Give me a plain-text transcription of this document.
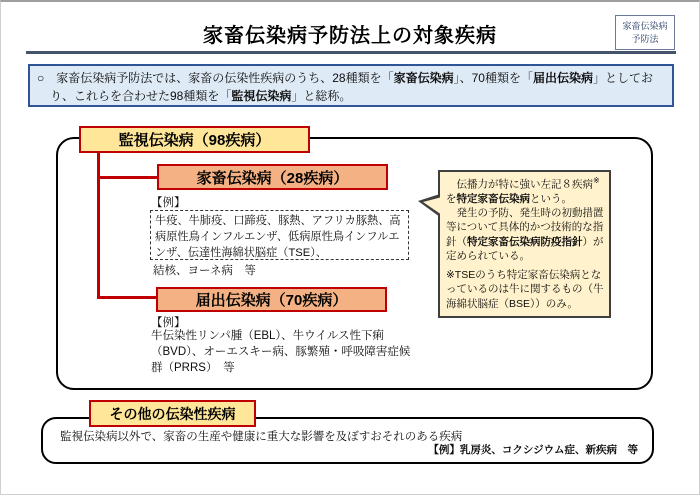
家畜伝染病予防法上の対象疾病	家畜伝染病
予防法

○　家畜伝染病予防法では、家畜の伝染性疾病のうち、28種類を「家畜伝染病」、70種類を「届出伝染病」としており、これらを合わせた98種類を「監視伝染病」と総称。

監視伝染病（98疾病）
家畜伝染病（28疾病）
【例】
牛疫、牛肺疫、口蹄疫、豚熱、アフリカ豚熱、高病原性鳥インフルエンザ、低病原性鳥インフルエンザ、伝達性海綿状脳症（TSE）、
結核、ヨーネ病　等
届出伝染病（70疾病）
【例】
牛伝染性リンパ腫（EBL）、牛ウイルス性下痢（BVD）、オーエスキー病、豚繁殖・呼吸障害症候群（PRRS）　等

　伝播力が特に強い左記８疾病※を特定家畜伝染病という。

　発生の予防、発生時の初動措置等について具体的かつ技術的な指針（特定家畜伝染病防疫指針）が定められている。

※TSEのうち特定家畜伝染病となっているのは牛に関するもの（牛海綿状脳症（BSE））のみ。

監視伝染病以外で、家畜の生産や健康に重大な影響を及ぼすおそれのある疾病
【例】乳房炎、コクシジウム症、新疾病　等
その他の伝染性疾病
